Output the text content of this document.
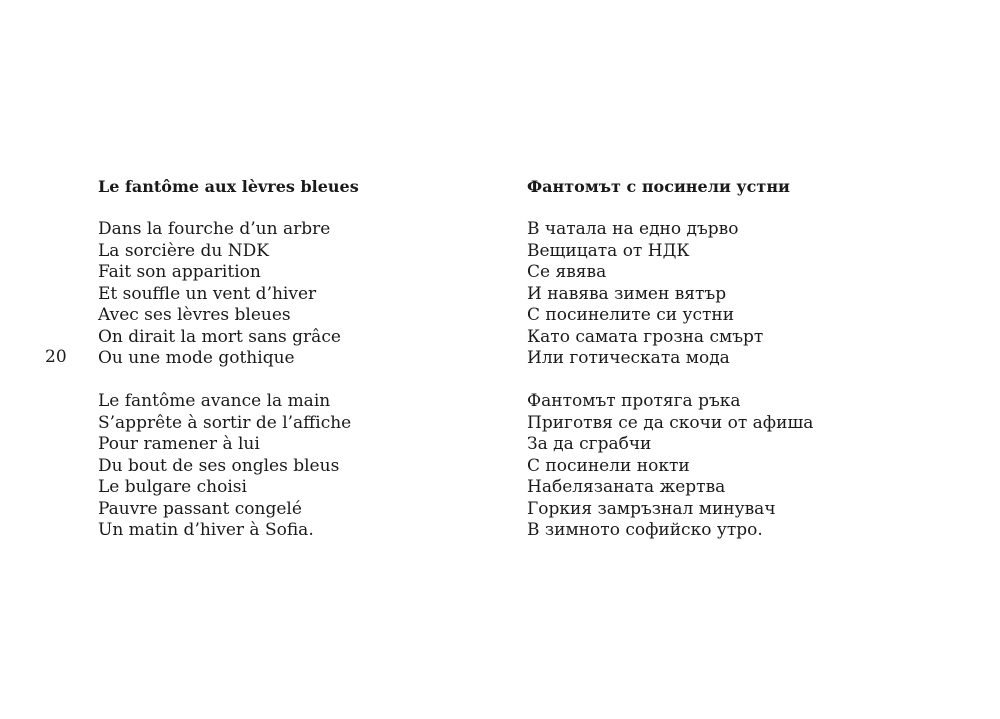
20
Le fantôme aux lèvres bleues
Dans la fourche d’un arbre
La sorcière du NDK
Fait son apparition
Et souffle un vent d’hiver
Avec ses lèvres bleues
On dirait la mort sans grâce
Ou une mode gothique
Le fantôme avance la main
S’apprête à sortir de l’affiche
Pour ramener à lui
Du bout de ses ongles bleus
Le bulgare choisi
Pauvre passant congelé
Un matin d’hiver à Sofia.
Фантомът с посинели устни
В чатала на едно дърво
Вещицата от НДК
Се явява
И навява зимен вятър
С посинелите си устни
Като самата грозна смърт
Или готическата мода
Фантомът протяга ръка
Приготвя се да скочи от афиша
За да сграбчи
С посинели нокти
Набелязаната жертва
Горкия замръзнал минувач
В зимното софийско утро.
